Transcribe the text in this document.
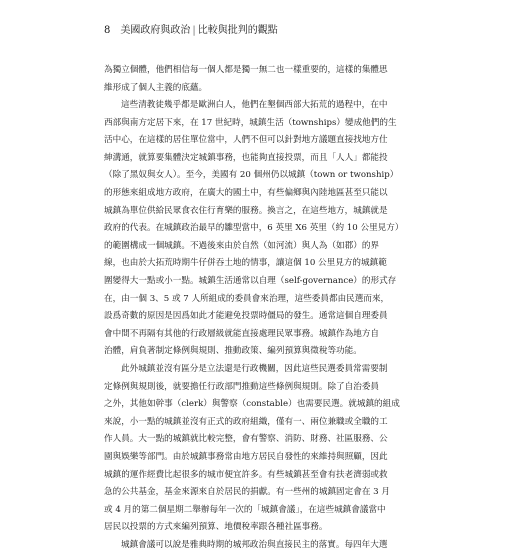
8 美國政府與政治 | 比較與批判的觀點
為獨立個體，他們相信每一個人都是獨一無二也一樣重要的，這樣的集體思
維形成了個人主義的底蘊。
這些清教徒幾乎都是歐洲白人，他們在墾個西部大拓荒的過程中，在中
西部與南方定居下來，在 17 世紀時，城鎮生活（townships）變成他們的生
活中心，在這樣的居住單位當中，人們不但可以針對地方議題直接找地方仕
紳溝通，就算要集體決定城鎮事務，也能夠直接投票，而且「人人」都能投
（除了黑奴與女人）。至今，美國有 20 個州仍以城鎮（town or twonship）
的形態來組成地方政府，在廣大的國土中，有些偏鄉與內陸地區甚至只能以
城鎮為單位供給民眾食衣住行育樂的服務。換言之，在這些地方，城鎮就是
政府的代表。在城鎮政治最早的雛型當中，6 英里 X6 英里（約 10 公里見方）
的範圍構成一個城鎮。不過後來由於自然（如河流）與人為（如郡）的界
線，也由於大拓荒時期牛仔併吞土地的情事，讓這個 10 公里見方的城鎮範
圍變得大一點或小一點。城鎮生活通常以自理（self-governance）的形式存
在，由一個 3、5 或 7 人所組成的委員會來治理，這些委員都由民選而來，
設爲奇數的原因是因爲如此才能避免投票時僵局的發生。通常這個自理委員
會中間不再隔有其他的行政層級就能直接處理民眾事務。城鎮作為地方自
治體，肩負著制定條例與規則、推動政策、編列預算與徵稅等功能。
此外城鎮並沒有區分是立法還是行政機關，因此這些民選委員常需要制
定條例與規則後，就要擔任行政部門推動這些條例與規則。除了自治委員
之外，其他如幹事（clerk）與警察（constable）也需要民選。就城鎮的組成
來說，小一點的城鎮並沒有正式的政府組織，僅有一、兩位兼職或全職的工
作人員。大一點的城鎮就比較完整，會有警察、消防、財務、社區服務、公
園與娛樂等部門。由於城鎮事務常由地方居民自發性的來維持與照顧，因此
城鎮的運作經費比起很多的城市便宜許多。有些城鎮甚至會有扶老濟弱或救
急的公共基金，基金來源來自於居民的捐獻。有一些州的城鎮固定會在 3 月
或 4 月的第二個星期二舉辦每年一次的「城鎮會議」，在這些城鎮會議當中
居民以投票的方式來編列預算、地價稅率跟各種社區事務。
城鎮會議可以說是雅典時期的城邦政治與直接民主的落實。每四年大選
